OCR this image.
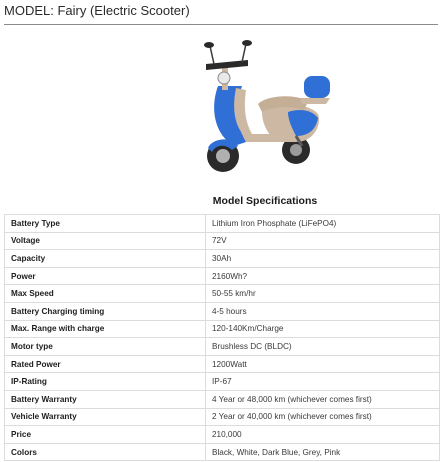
MODEL: Fairy (Electric Scooter)
Model Specifications
Battery Type	Lithium Iron Phosphate (LiFePO4)
Voltage	72V
Capacity	30Ah
Power	2160Wh?
Max Speed	50-55 km/hr
Battery Charging timing	4-5 hours
Max. Range with charge	120-140Km/Charge
Motor type	Brushless DC (BLDC)
Rated Power	1200Watt
IP-Rating	IP-67
Battery Warranty	4 Year or 48,000 km (whichever comes first)
Vehicle Warranty	2 Year or 40,000 km (whichever comes first)
Price	210,000
Colors	Black, White, Dark Blue, Grey, Pink
